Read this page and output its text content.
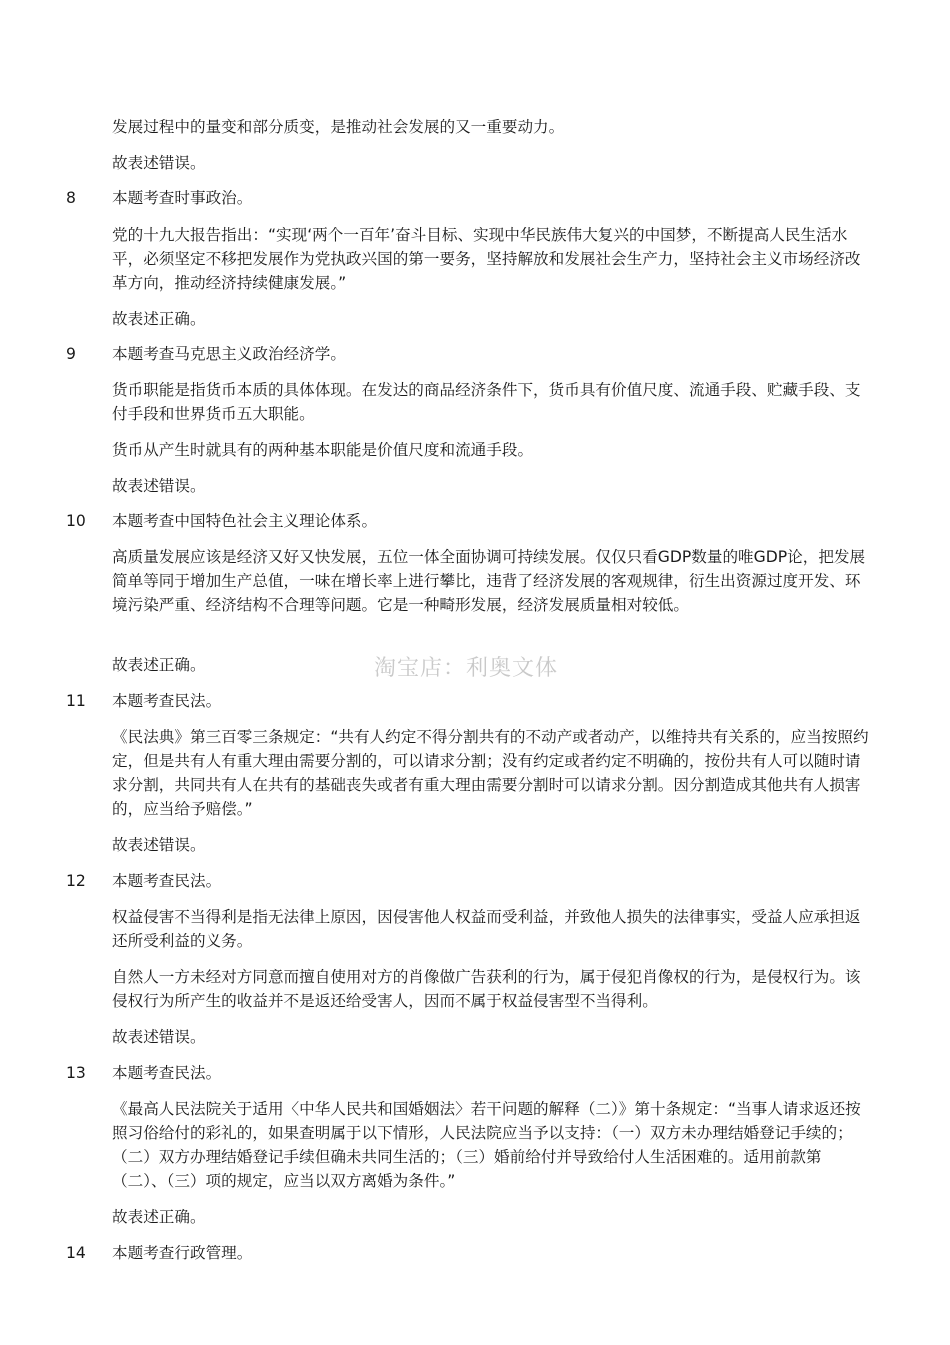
发展过程中的量变和部分质变，是推动社会发展的又一重要动力。

故表述错误。

8 本题考查时事政治。

党的十九大报告指出：“实现‘两个一百年’奋斗目标、实现中华民族伟大复兴的中国梦，不断提高人民生活水平，必须坚定不移把发展作为党执政兴国的第一要务，坚持解放和发展社会生产力，坚持社会主义市场经济改革方向，推动经济持续健康发展。”

故表述正确。

9 本题考查马克思主义政治经济学。

货币职能是指货币本质的具体体现。在发达的商品经济条件下，货币具有价值尺度、流通手段、贮藏手段、支付手段和世界货币五大职能。

货币从产生时就具有的两种基本职能是价值尺度和流通手段。

故表述错误。

10 本题考查中国特色社会主义理论体系。

高质量发展应该是经济又好又快发展，五位一体全面协调可持续发展。仅仅只看GDP数量的唯GDP论，把发展简单等同于增加生产总值，一味在增长率上进行攀比，违背了经济发展的客观规律，衍生出资源过度开发、环境污染严重、经济结构不合理等问题。它是一种畸形发展，经济发展质量相对较低。

故表述正确。

11 本题考查民法。

《民法典》第三百零三条规定：“共有人约定不得分割共有的不动产或者动产，以维持共有关系的，应当按照约定，但是共有人有重大理由需要分割的，可以请求分割；没有约定或者约定不明确的，按份共有人可以随时请求分割，共同共有人在共有的基础丧失或者有重大理由需要分割时可以请求分割。因分割造成其他共有人损害的，应当给予赔偿。”

故表述错误。

12 本题考查民法。

权益侵害不当得利是指无法律上原因，因侵害他人权益而受利益，并致他人损失的法律事实，受益人应承担返还所受利益的义务。

自然人一方未经对方同意而擅自使用对方的肖像做广告获利的行为，属于侵犯肖像权的行为，是侵权行为。该侵权行为所产生的收益并不是返还给受害人，因而不属于权益侵害型不当得利。

故表述错误。

13 本题考查民法。

《最高人民法院关于适用〈中华人民共和国婚姻法〉若干问题的解释（二）》第十条规定：“当事人请求返还按照习俗给付的彩礼的，如果查明属于以下情形，人民法院应当予以支持：（一）双方未办理结婚登记手续的；（二）双方办理结婚登记手续但确未共同生活的；（三）婚前给付并导致给付人生活困难的。适用前款第（二）、（三）项的规定，应当以双方离婚为条件。”

故表述正确。

14 本题考查行政管理。

淘宝店：利奥文体
